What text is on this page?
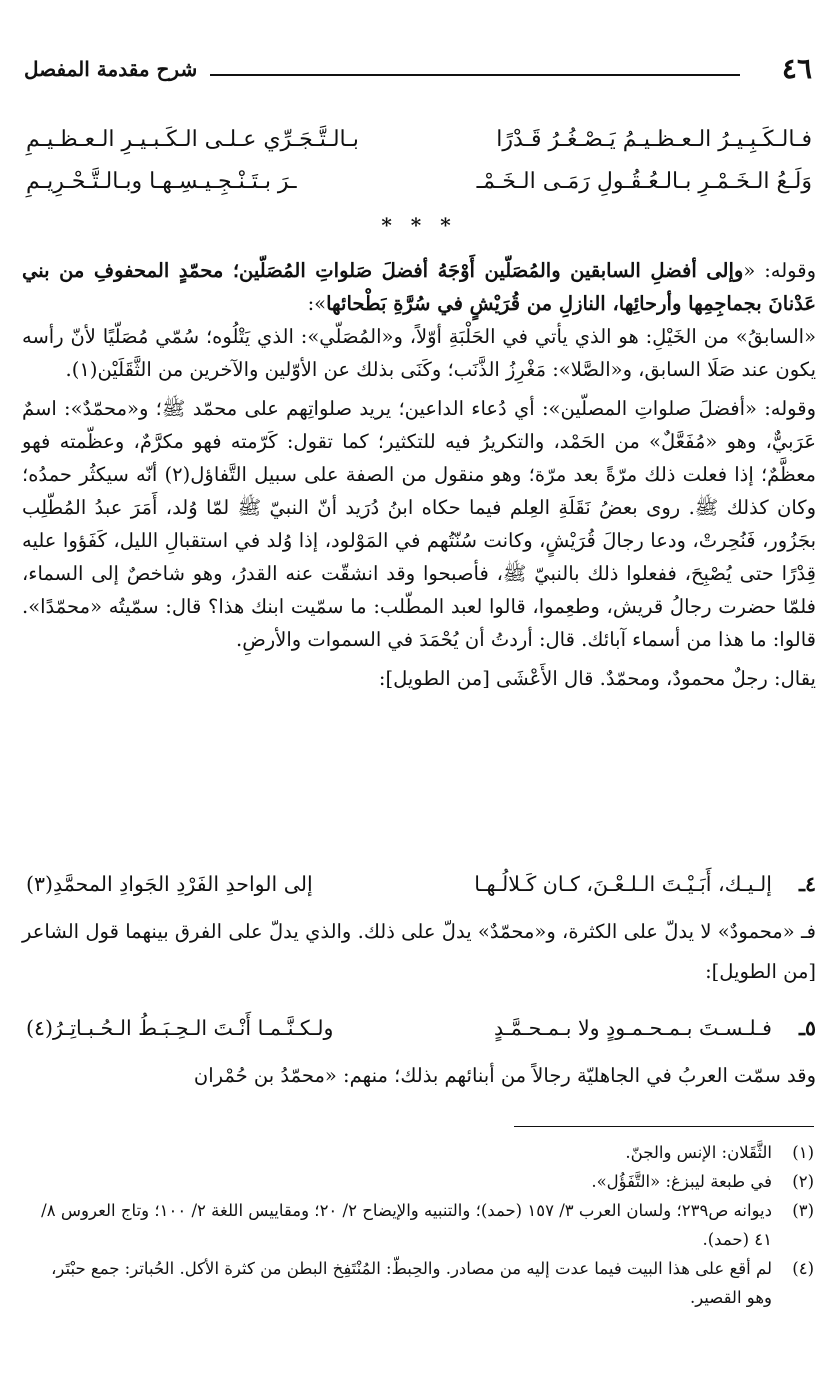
٤٦
شرح مقدمة المفصل
فـالـكَـبِـيـرُ الـعـظـيـمُ يَـصْـغُـرُ قَـدْرًا
بـالـتَّـجَـرِّي عـلـى الـكَـبـيـرِ الـعـظـيـمِ
وَلَـعُ الـخَـمْـرِ بـالـعُـقُـولِ رَمَـى الـخَـمْـ
ـرَ بـتَـنْـجِـيـسِـهـا وبـالـتَّـحْـرِيـمِ
* * *

وقوله: «وإلى أفضلِ السابقين والمُصَلّين أَوْجَهُ أفضلَ صَلواتِ المُصَلّين؛ محمّدٍ المحفوفِ من بني عَدْنانَ بجماجِمِها وأرحائِها، النازلِ من قُرَيْشٍ في سُرَّةِ بَطْحائها»:

«السابقُ» من الخَيْلِ: هو الذي يأتي في الحَلْبَةِ أوّلاً، و«المُصَلّي»: الذي يَتْلُوه؛ سُمّي مُصَلّيًا لأنّ رأسه يكون عند صَلَا السابق، و«الصَّلا»: مَغْرِزُ الذَّنَب؛ وكَنَى بذلك عن الأوّلين والآخرين من الثَّقَلَيْن(١).

وقوله: «أفضلَ صلواتِ المصلّين»: أي دُعاء الداعين؛ يريد صلواتِهم على محمّد ﷺ؛ و«محمّدٌ»: اسمٌ عَرَبيٌّ، وهو «مُفَعَّلٌ» من الحَمْد، والتكريرُ فيه للتكثير؛ كما تقول: كَرّمته فهو مكرَّمٌ، وعظّمته فهو معظَّمٌ؛ إذا فعلت ذلك مرّةً بعد مرّة؛ وهو منقول من الصفة على سبيل التَّفاؤل(٢) أنّه سيكثُر حمدُه؛ وكان كذلك ﷺ. روى بعضُ نَقَلَةِ العِلم فيما حكاه ابنُ دُرَيد أنّ النبيّ ﷺ لمّا وُلد، أَمَرَ عبدُ المُطّلِب بجَزُور، فَنُحِرتْ، ودعا رجالَ قُرَيْشٍ، وكانت سُنّتُهم في المَوْلود، إذا وُلد في استقبالِ الليل، كَفَؤوا عليه قِدْرًا حتى يُصْبِحَ، ففعلوا ذلك بالنبيّ ﷺ، فأصبحوا وقد انشقّت عنه القدرُ، وهو شاخصٌ إلى السماء، فلمّا حضرت رجالُ قريش، وطعِموا، قالوا لعبد المطّلب: ما سمّيت ابنك هذا؟ قال: سمّيتُه «محمّدًا». قالوا: ما هذا من أسماء آبائك. قال: أردتُ أن يُحْمَدَ في السموات والأرضِ.

يقال: رجلٌ محمودٌ، ومحمّدٌ. قال الأَعْشَى [من الطويل]:

٤ـ
إلـيـك، أَبَـيْـتَ الـلـعْـنَ، كـان كَـلالُـهـا
إلى الواحدِ الفَرْدِ الجَوادِ المحمَّدِ(٣)

فـ «محمودٌ» لا يدلّ على الكثرة، و«محمّدٌ» يدلّ على ذلك. والذي يدلّ على الفرق بينهما قول الشاعر [من الطويل]:

٥ـ
فـلـسـتَ بـمـحـمـودٍ ولا بـمـحـمَّـدٍ
ولـكـنَّـمـا أَنْـتَ الـحِـبَـطُ الـحُـبـاتِـرُ(٤)

وقد سمّت العربُ في الجاهليّة رجالاً من أبنائهم بذلك؛ منهم: «محمّدُ بن حُمْران

(١)
الثَّقَلان: الإنس والجنّ.

(٢)
في طبعة ليبزغ: «التَّفَؤُل».

(٣)
ديوانه ص٢٣٩؛ ولسان العرب ٣/ ١٥٧ (حمد)؛ والتنبيه والإيضاح ٢/ ٢٠؛ ومقاييس اللغة ٢/ ١٠٠؛ وتاج العروس ٨/ ٤١ (حمد).

(٤)
لم أقع على هذا البيت فيما عدت إليه من مصادر. والحِبطّ: المُنْتَفِخ البطن من كثرة الأكل. الحُباتر: جمع حبْتَر، وهو القصير.
